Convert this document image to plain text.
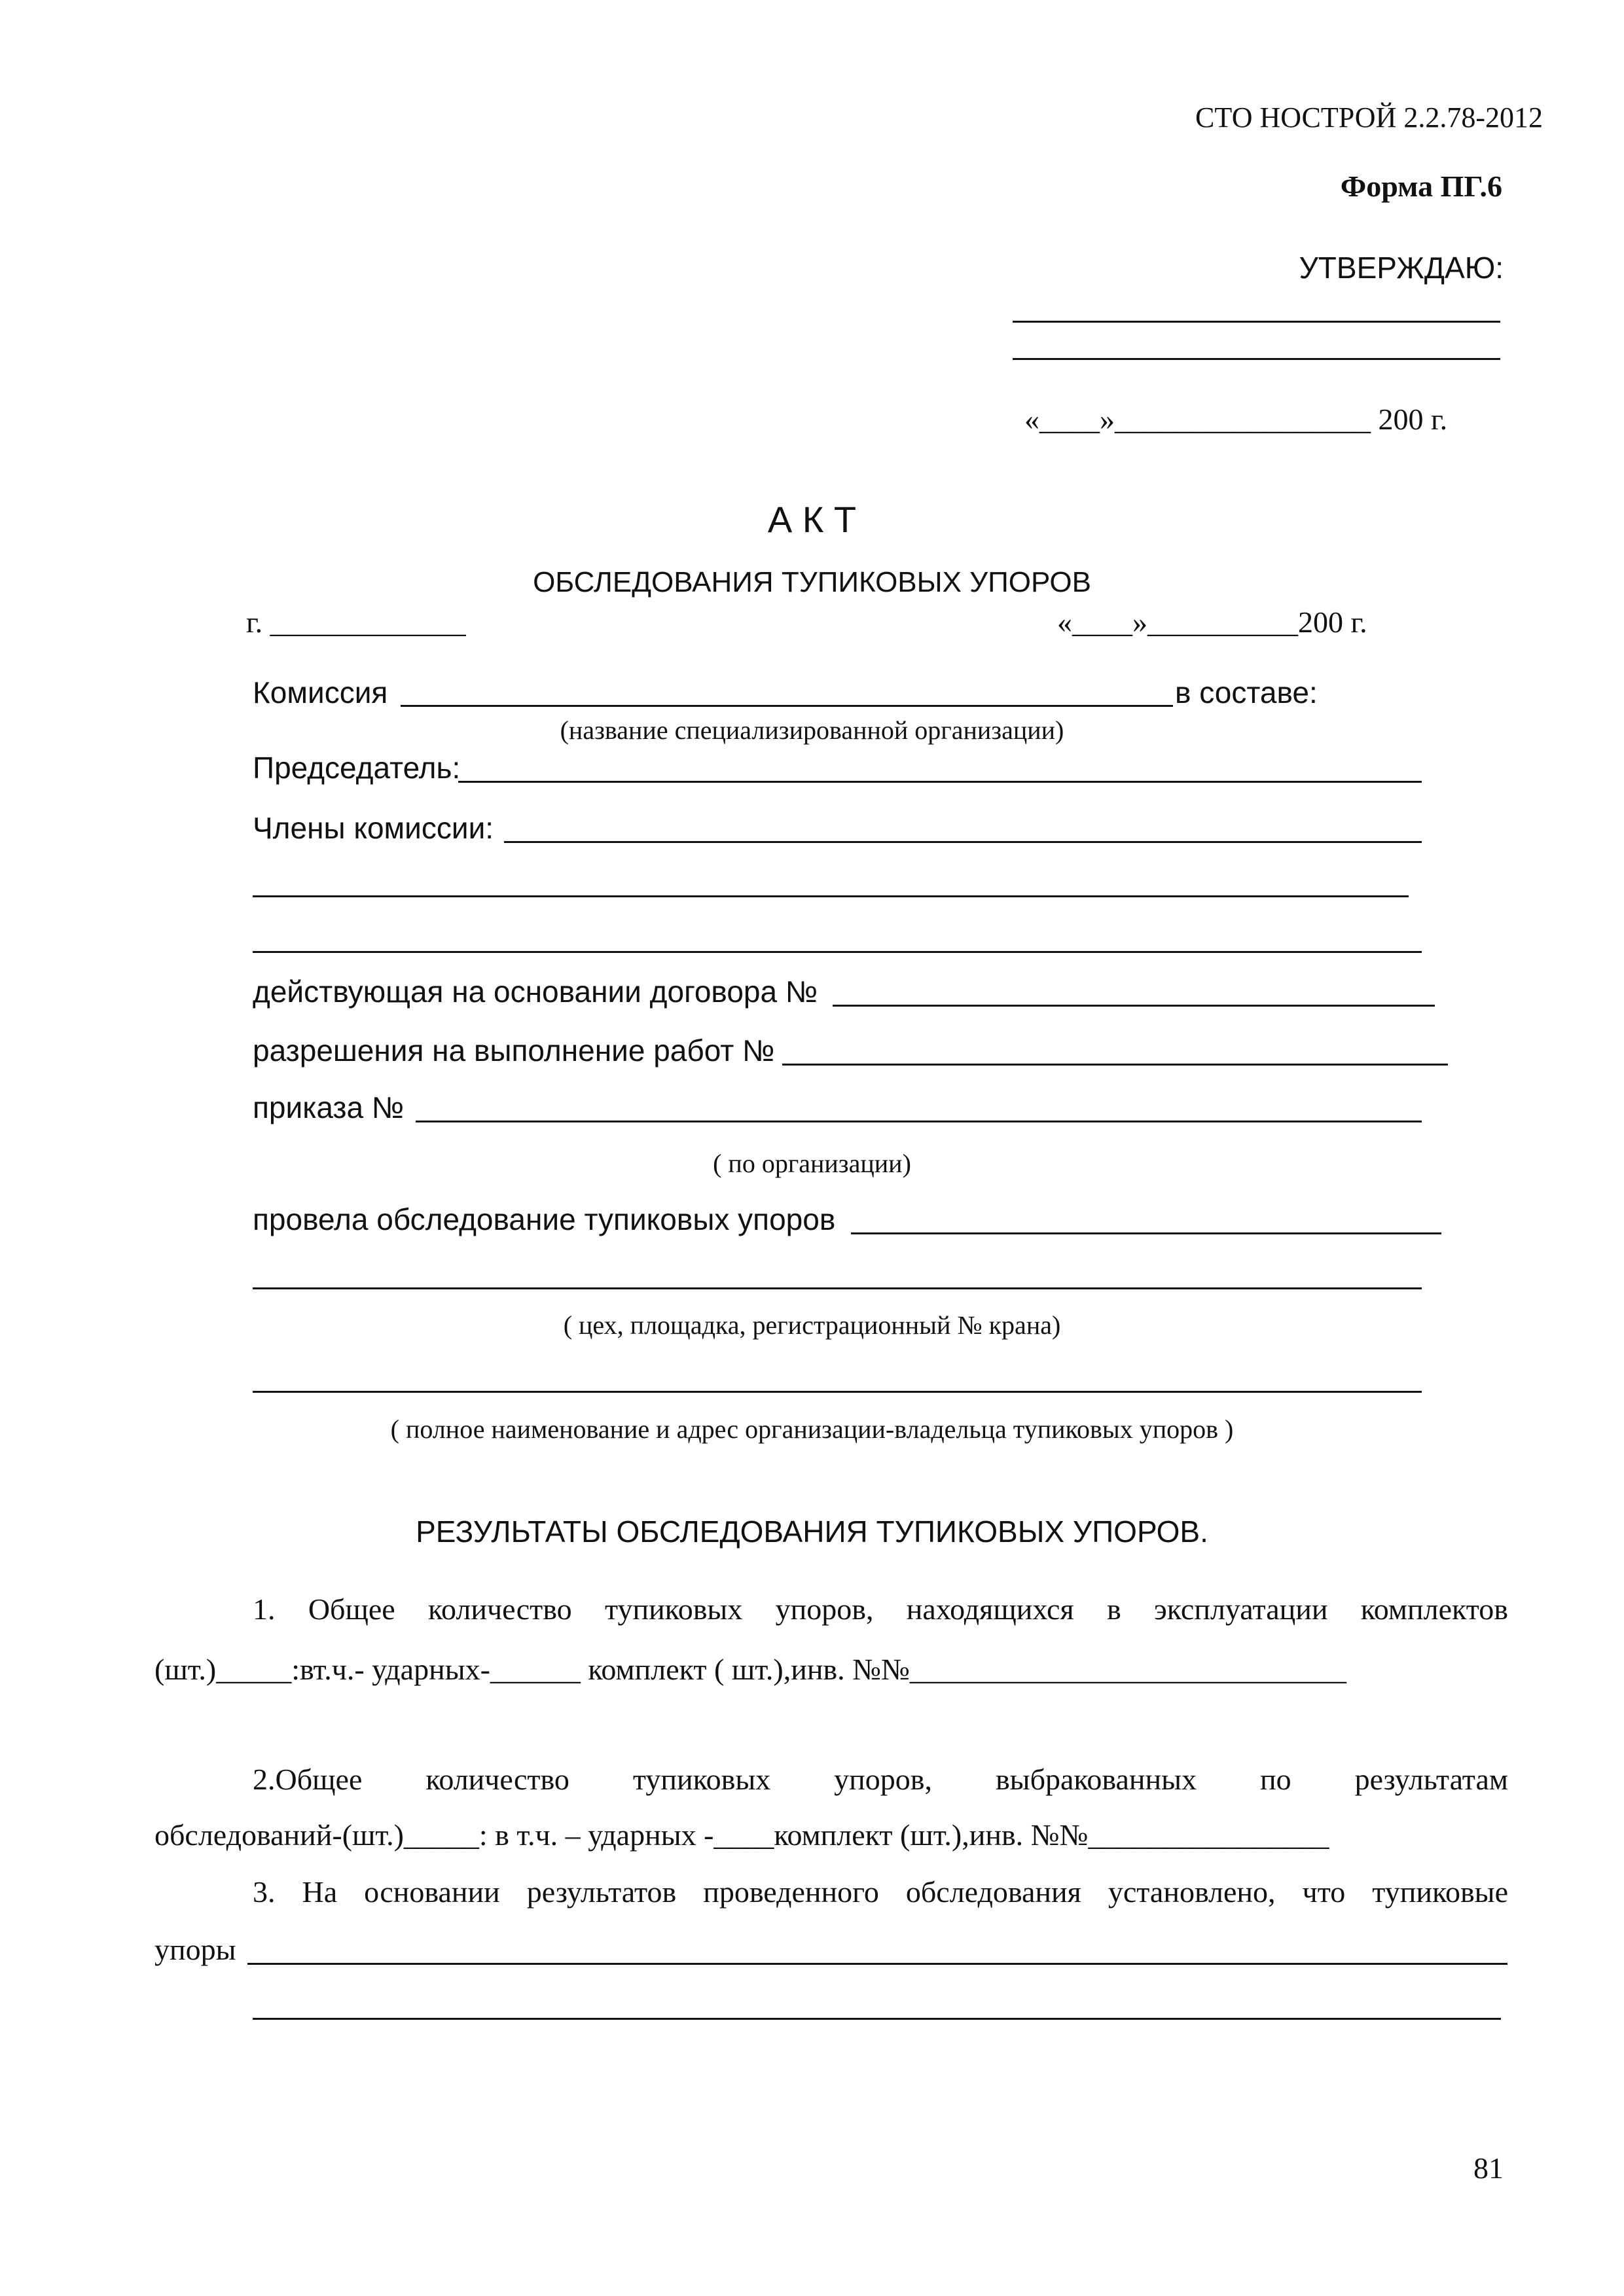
СТО НОСТРОЙ 2.2.78-2012
Форма ПГ.6
УТВЕРЖДАЮ:
«____»_________________ 200 г.
А К Т
ОБСЛЕДОВАНИЯ ТУПИКОВЫХ УПОРОВ
г. _____________	«____»__________200 г.
Комиссия	в составе:
(название специализированной организации)
Председатель:
Члены комиссии:
действующая на основании договора №
разрешения на выполнение работ №
приказа №
( по организации)
провела обследование тупиковых упоров
( цех, площадка, регистрационный № крана)
( полное наименование и адрес организации-владельца тупиковых упоров )
РЕЗУЛЬТАТЫ ОБСЛЕДОВАНИЯ ТУПИКОВЫХ УПОРОВ.
1. Общее количество тупиковых упоров, находящихся в эксплуатации комплектов
(шт.)_____:вт.ч.- ударных-______ комплект ( шт.),инв. №№_____________________________
2.Общее количество тупиковых упоров, выбракованных по результатам
обследований-(шт.)_____: в т.ч. – ударных -____комплект (шт.),инв. №№________________
3. На основании результатов проведенного обследования установлено, что тупиковые
упоры
81
